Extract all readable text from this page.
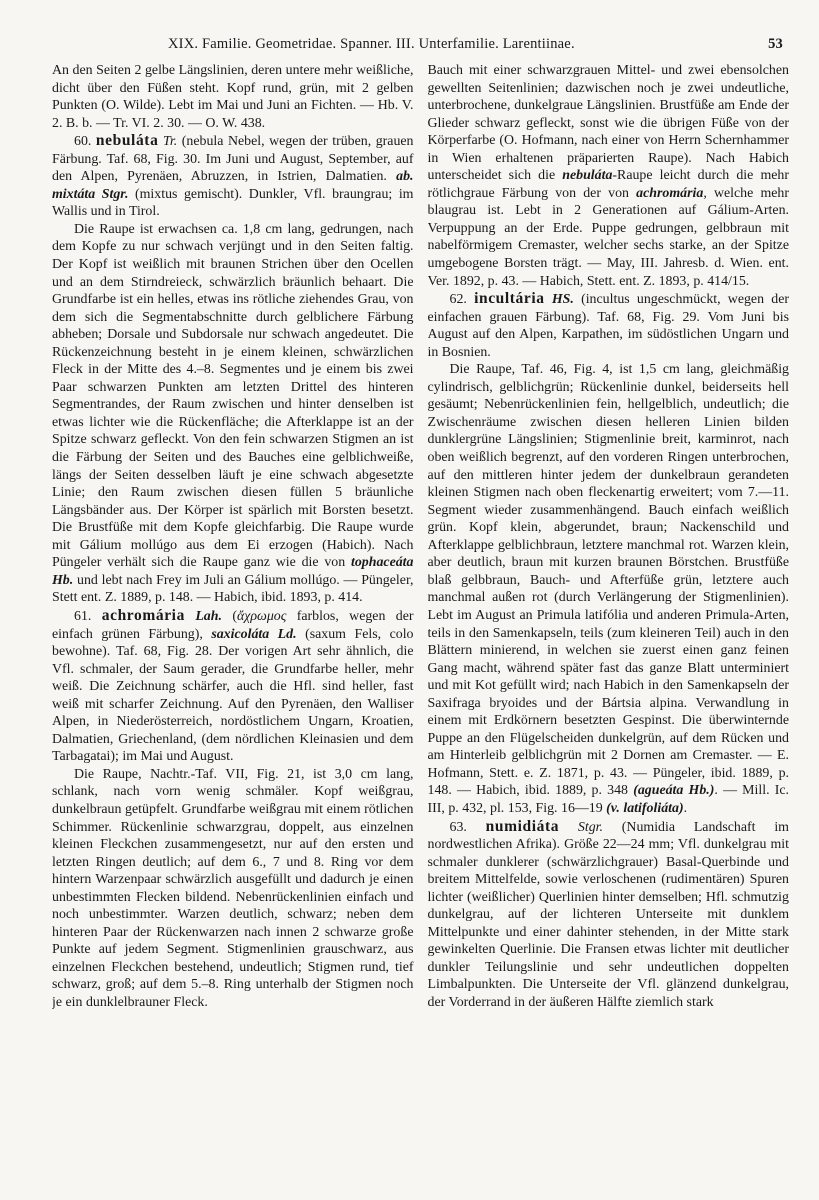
XIX. Familie. Geometridae. Spanner. III. Unterfamilie. Larentiinae.	53

An den Seiten 2 gelbe Längslinien, deren untere mehr weißliche, dicht über den Füßen steht. Kopf rund, grün, mit 2 gelben Punkten (O. Wilde). Lebt im Mai und Juni an Fichten. — Hb. V. 2. B. b. — Tr. VI. 2. 30. — O. W. 438.

60. nebuláta Tr. (nebula Nebel, wegen der trüben, grauen Färbung. Taf. 68, Fig. 30. Im Juni und August, September, auf den Alpen, Pyrenäen, Abruzzen, in Istrien, Dalmatien. ab. mixtáta Stgr. (mixtus gemischt). Dunkler, Vfl. braungrau; im Wallis und in Tirol.

Die Raupe ist erwachsen ca. 1,8 cm lang, gedrungen, nach dem Kopfe zu nur schwach verjüngt und in den Seiten faltig. Der Kopf ist weißlich mit braunen Strichen über den Ocellen und an dem Stirndreieck, schwärzlich bräunlich behaart. Die Grundfarbe ist ein helles, etwas ins rötliche ziehendes Grau, von dem sich die Segmentabschnitte durch gelblichere Färbung abheben; Dorsale und Subdorsale nur schwach angedeutet. Die Rückenzeichnung besteht in je einem kleinen, schwärzlichen Fleck in der Mitte des 4.–8. Segmentes und je einem bis zwei Paar schwarzen Punkten am letzten Drittel des hinteren Segmentrandes, der Raum zwischen und hinter denselben ist etwas lichter wie die Rückenfläche; die Afterklappe ist an der Spitze schwarz gefleckt. Von den fein schwarzen Stigmen an ist die Färbung der Seiten und des Bauches eine gelblichweiße, längs der Seiten desselben läuft je eine schwach abgesetzte Linie; den Raum zwischen diesen füllen 5 bräunliche Längsbänder aus. Der Körper ist spärlich mit Borsten besetzt. Die Brustfüße mit dem Kopfe gleichfarbig. Die Raupe wurde mit Gálium mollúgo aus dem Ei erzogen (Habich). Nach Püngeler verhält sich die Raupe ganz wie die von tophaceáta Hb. und lebt nach Frey im Juli an Gálium mollúgo. — Püngeler, Stett ent. Z. 1889, p. 148. — Habich, ibid. 1893, p. 414.

61. achromária Lah. (ἄχρωμος farblos, wegen der einfach grünen Färbung), saxicoláta Ld. (saxum Fels, colo bewohne). Taf. 68, Fig. 28. Der vorigen Art sehr ähnlich, die Vfl. schmaler, der Saum gerader, die Grundfarbe heller, mehr weiß. Die Zeichnung schärfer, auch die Hfl. sind heller, fast weiß mit scharfer Zeichnung. Auf den Pyrenäen, den Walliser Alpen, in Niederösterreich, nordöstlichem Ungarn, Kroatien, Dalmatien, Griechenland, (dem nördlichen Kleinasien und dem Tarbagatai); im Mai und August.

Die Raupe, Nachtr.-Taf. VII, Fig. 21, ist 3,0 cm lang, schlank, nach vorn wenig schmäler. Kopf weißgrau, dunkelbraun getüpfelt. Grundfarbe weißgrau mit einem rötlichen Schimmer. Rückenlinie schwarzgrau, doppelt, aus einzelnen kleinen Fleckchen zusammengesetzt, nur auf den ersten und letzten Ringen deutlich; auf dem 6., 7 und 8. Ring vor dem hintern Warzenpaar schwärzlich ausgefüllt und dadurch je einen unbestimmten Flecken bildend. Nebenrückenlinien einfach und noch unbestimmter. Warzen deutlich, schwarz; neben dem hinteren Paar der Rückenwarzen nach innen 2 schwarze große Punkte auf jedem Segment. Stigmenlinien grauschwarz, aus einzelnen Fleckchen bestehend, undeutlich; Stigmen rund, tief schwarz, groß; auf dem 5.–8. Ring unterhalb der Stigmen noch je ein dunklelbrauner Fleck.

Bauch mit einer schwarzgrauen Mittel- und zwei ebensolchen gewellten Seitenlinien; dazwischen noch je zwei undeutliche, unterbrochene, dunkelgraue Längslinien. Brustfüße am Ende der Glieder schwarz gefleckt, sonst wie die übrigen Füße von der Körperfarbe (O. Hofmann, nach einer von Herrn Schernhammer in Wien erhaltenen präparierten Raupe). Nach Habich unterscheidet sich die nebuláta-Raupe leicht durch die mehr rötlichgraue Färbung von der von achromária, welche mehr blaugrau ist. Lebt in 2 Generationen auf Gálium-Arten. Verpuppung an der Erde. Puppe gedrungen, gelbbraun mit nabelförmigem Cremaster, welcher sechs starke, an der Spitze umgebogene Borsten trägt. — May, III. Jahresb. d. Wien. ent. Ver. 1892, p. 43. — Habich, Stett. ent. Z. 1893, p. 414/15.

62. incultária HS. (incultus ungeschmückt, wegen der einfachen grauen Färbung). Taf. 68, Fig. 29. Vom Juni bis August auf den Alpen, Karpathen, im südöstlichen Ungarn und in Bosnien.

Die Raupe, Taf. 46, Fig. 4, ist 1,5 cm lang, gleichmäßig cylindrisch, gelblichgrün; Rückenlinie dunkel, beiderseits hell gesäumt; Nebenrückenlinien fein, hellgelblich, undeutlich; die Zwischenräume zwischen diesen helleren Linien bilden dunklergrüne Längslinien; Stigmenlinie breit, karminrot, nach oben weißlich begrenzt, auf den vorderen Ringen unterbrochen, auf den mittleren hinter jedem der dunkelbraun gerandeten kleinen Stigmen nach oben fleckenartig erweitert; vom 7.—11. Segment wieder zusammenhängend. Bauch einfach weißlich grün. Kopf klein, abgerundet, braun; Nackenschild und Afterklappe gelblichbraun, letztere manchmal rot. Warzen klein, aber deutlich, braun mit kurzen braunen Börstchen. Brustfüße blaß gelbbraun, Bauch- und Afterfüße grün, letztere auch manchmal außen rot (durch Verlängerung der Stigmenlinien). Lebt im August an Primula latifólia und anderen Primula-Arten, teils in den Samenkapseln, teils (zum kleineren Teil) auch in den Blättern minierend, in welchen sie zuerst einen ganz feinen Gang macht, während später fast das ganze Blatt unterminiert und mit Kot gefüllt wird; nach Habich in den Samenkapseln der Saxifraga bryoides und der Bártsia alpina. Verwandlung in einem mit Erdkörnern besetzten Gespinst. Die überwinternde Puppe an den Flügelscheiden dunkelgrün, auf dem Rücken und am Hinterleib gelblichgrün mit 2 Dornen am Cremaster. — E. Hofmann, Stett. e. Z. 1871, p. 43. — Püngeler, ibid. 1889, p. 148. — Habich, ibid. 1889, p. 348 (agueáta Hb.). — Mill. Ic. III, p. 432, pl. 153, Fig. 16—19 (v. latifoliáta).

63. numidiáta Stgr. (Numidia Landschaft im nordwestlichen Afrika). Größe 22—24 mm; Vfl. dunkelgrau mit schmaler dunklerer (schwärzlichgrauer) Basal-Querbinde und breitem Mittelfelde, sowie verloschenen (rudimentären) Spuren lichter (weißlicher) Querlinien hinter demselben; Hfl. schmutzig dunkelgrau, auf der lichteren Unterseite mit dunklem Mittelpunkte und einer dahinter stehenden, in der Mitte stark gewinkelten Querlinie. Die Fransen etwas lichter mit deutlicher dunkler Teilungslinie und sehr undeutlichen doppelten Limbalpunkten. Die Unterseite der Vfl. glänzend dunkelgrau, der Vorderrand in der äußeren Hälfte ziemlich stark
